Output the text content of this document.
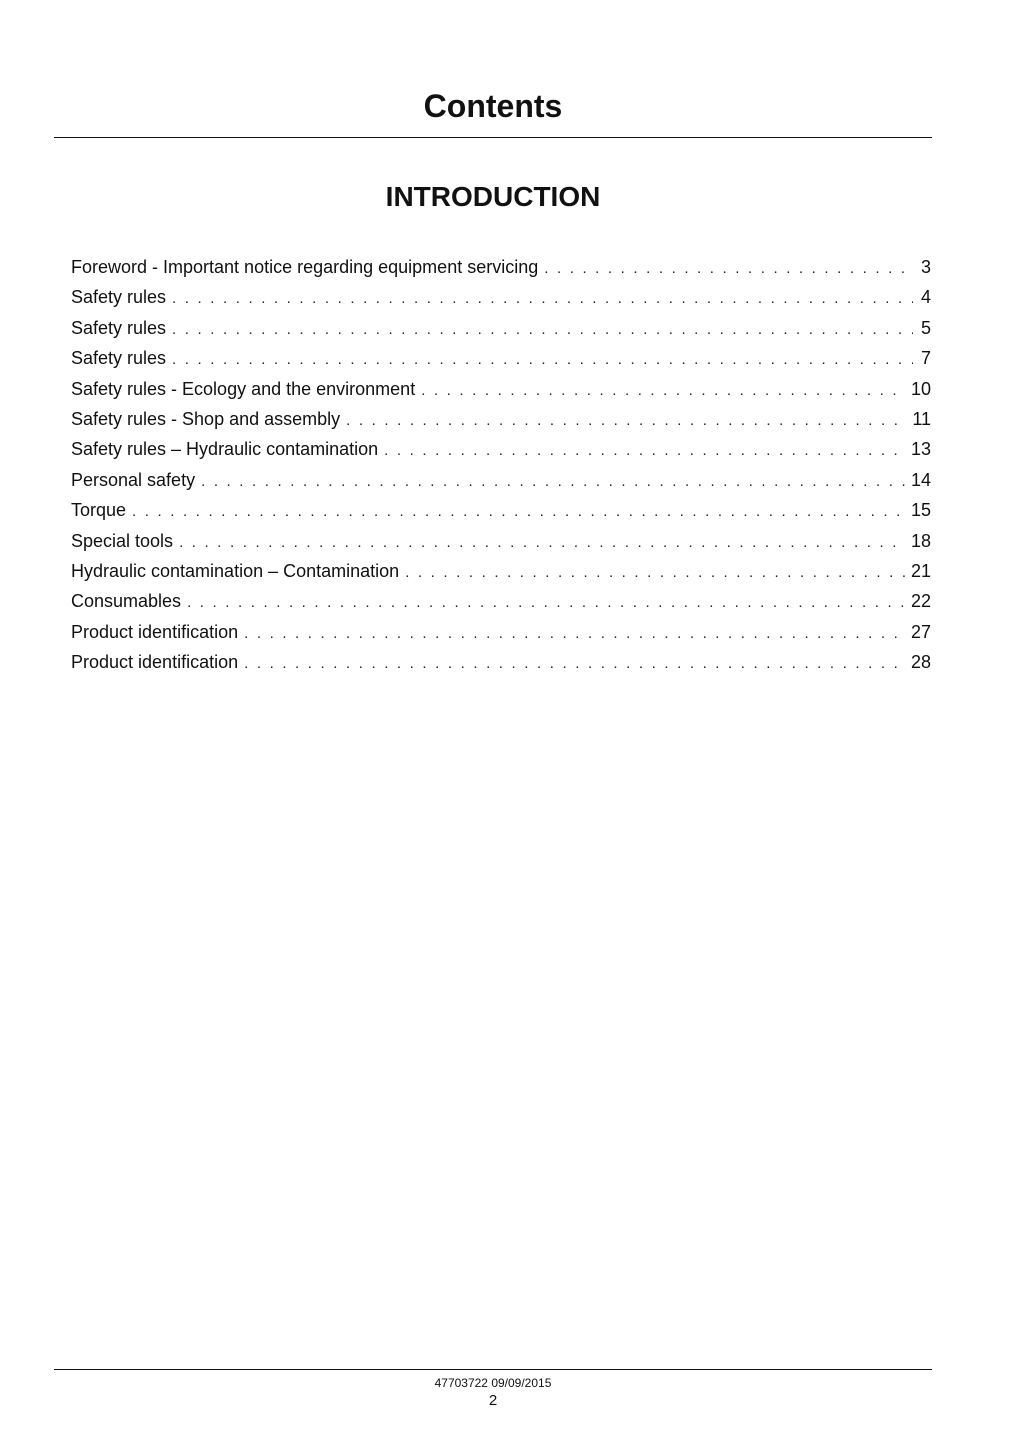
Contents
INTRODUCTION
Foreword - Important notice regarding equipment servicing . . .	3
Safety rules . . .	4
Safety rules . . .	5
Safety rules . . .	7
Safety rules - Ecology and the environment . . .	10
Safety rules - Shop and assembly . . .	11
Safety rules – Hydraulic contamination . . .	13
Personal safety . . .	14
Torque . . .	15
Special tools . . .	18
Hydraulic contamination – Contamination . . .	21
Consumables . . .	22
Product identification . . .	27
Product identification . . .	28
47703722 09/09/2015
2
